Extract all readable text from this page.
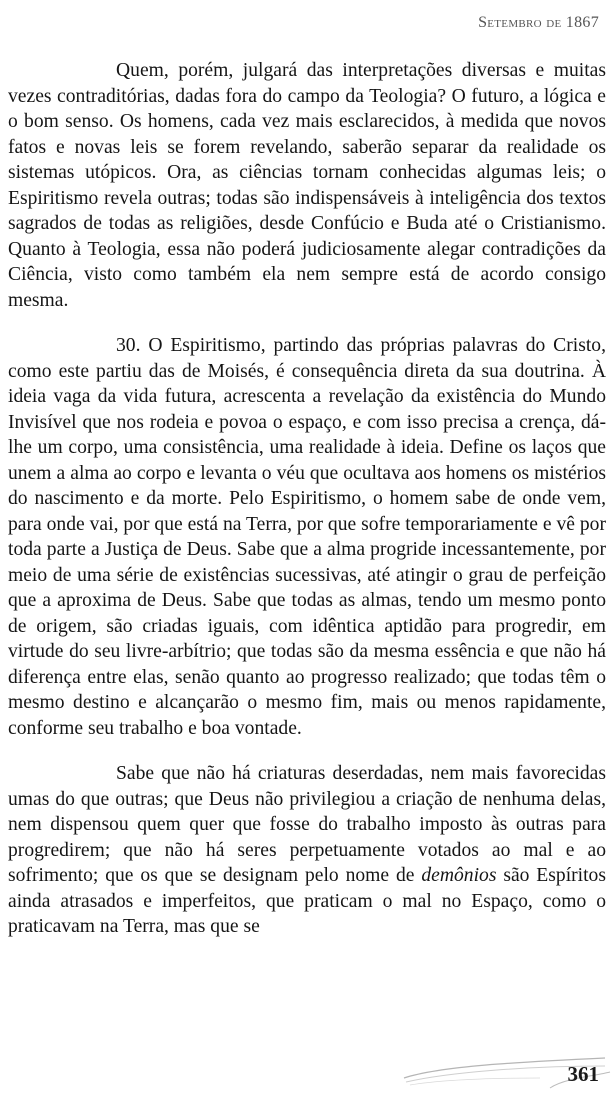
Setembro de 1867

Quem, porém, julgará das interpretações diversas e muitas vezes contraditórias, dadas fora do campo da Teologia? O futuro, a lógica e o bom senso. Os homens, cada vez mais esclarecidos, à medida que novos fatos e novas leis se forem revelando, saberão separar da realidade os sistemas utópicos. Ora, as ciências tornam conhecidas algumas leis; o Espiritismo revela outras; todas são indispensáveis à inteligência dos textos sagrados de todas as religiões, desde Confúcio e Buda até o Cristianismo. Quanto à Teologia, essa não poderá judiciosamente alegar contradições da Ciência, visto como também ela nem sempre está de acordo consigo mesma.

30. O Espiritismo, partindo das próprias palavras do Cristo, como este partiu das de Moisés, é consequência direta da sua doutrina. À ideia vaga da vida futura, acrescenta a revelação da existência do Mundo Invisível que nos rodeia e povoa o espaço, e com isso precisa a crença, dá-lhe um corpo, uma consistência, uma realidade à ideia. Define os laços que unem a alma ao corpo e levanta o véu que ocultava aos homens os mistérios do nascimento e da morte. Pelo Espiritismo, o homem sabe de onde vem, para onde vai, por que está na Terra, por que sofre temporariamente e vê por toda parte a Justiça de Deus. Sabe que a alma progride incessantemente, por meio de uma série de existências sucessivas, até atingir o grau de perfeição que a aproxima de Deus. Sabe que todas as almas, tendo um mesmo ponto de origem, são criadas iguais, com idêntica aptidão para progredir, em virtude do seu livre-arbítrio; que todas são da mesma essência e que não há diferença entre elas, senão quanto ao progresso realizado; que todas têm o mesmo destino e alcançarão o mesmo fim, mais ou menos rapidamente, conforme seu trabalho e boa vontade.

Sabe que não há criaturas deserdadas, nem mais favorecidas umas do que outras; que Deus não privilegiou a criação de nenhuma delas, nem dispensou quem quer que fosse do trabalho imposto às outras para progredirem; que não há seres perpetuamente votados ao mal e ao sofrimento; que os que se designam pelo nome de demônios são Espíritos ainda atrasados e imperfeitos, que praticam o mal no Espaço, como o praticavam na Terra, mas que se

361
